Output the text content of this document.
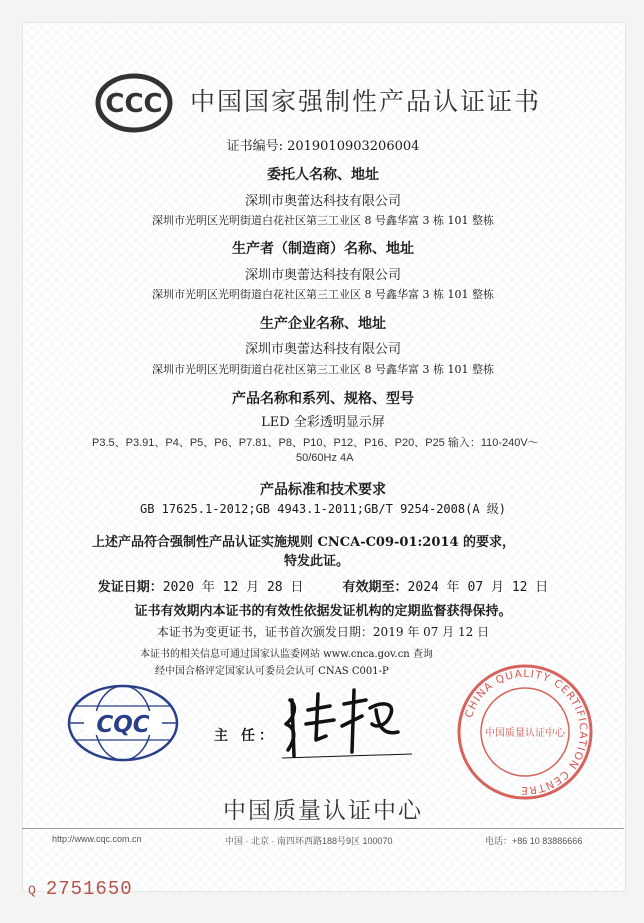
CCC 中国国家强制性产品认证证书
证书编号: 2019010903206004
委托人名称、地址
深圳市奥蕾达科技有限公司
深圳市光明区光明街道白花社区第三工业区 8 号鑫华富 3 栋 101 整栋
生产者（制造商）名称、地址
深圳市奥蕾达科技有限公司
深圳市光明区光明街道白花社区第三工业区 8 号鑫华富 3 栋 101 整栋
生产企业名称、地址
深圳市奥蕾达科技有限公司
深圳市光明区光明街道白花社区第三工业区 8 号鑫华富 3 栋 101 整栋
产品名称和系列、规格、型号
LED 全彩透明显示屏
P3.5、P3.91、P4、P5、P6、P7.81、P8、P10、P12、P16、P20、P25 输入：110-240V～
50/60Hz 4A
产品标准和技术要求
GB 17625.1-2012;GB 4943.1-2011;GB/T 9254-2008(A 级)
上述产品符合强制性产品认证实施规则 CNCA-C09-01:2014 的要求，
特发此证。
发证日期：2020 年 12 月 28 日	有效期至：2024 年 07 月 12 日
证书有效期内本证书的有效性依据发证机构的定期监督获得保持。
本证书为变更证书，证书首次颁发日期：2019 年 07 月 12 日
本证书的相关信息可通过国家认监委网站 www.cnca.gov.cn 查询
经中国合格评定国家认可委员会认可 CNAS C001-P
CQC	主 任：
CHINA QUALITY CERTIFICATION CENTRE
中国质量认证中心
中国质量认证中心
http://www.cqc.com.cn	中国 · 北京 · 南四环西路188号9区 100070	电话：+86 10 83886666
Q 2751650
